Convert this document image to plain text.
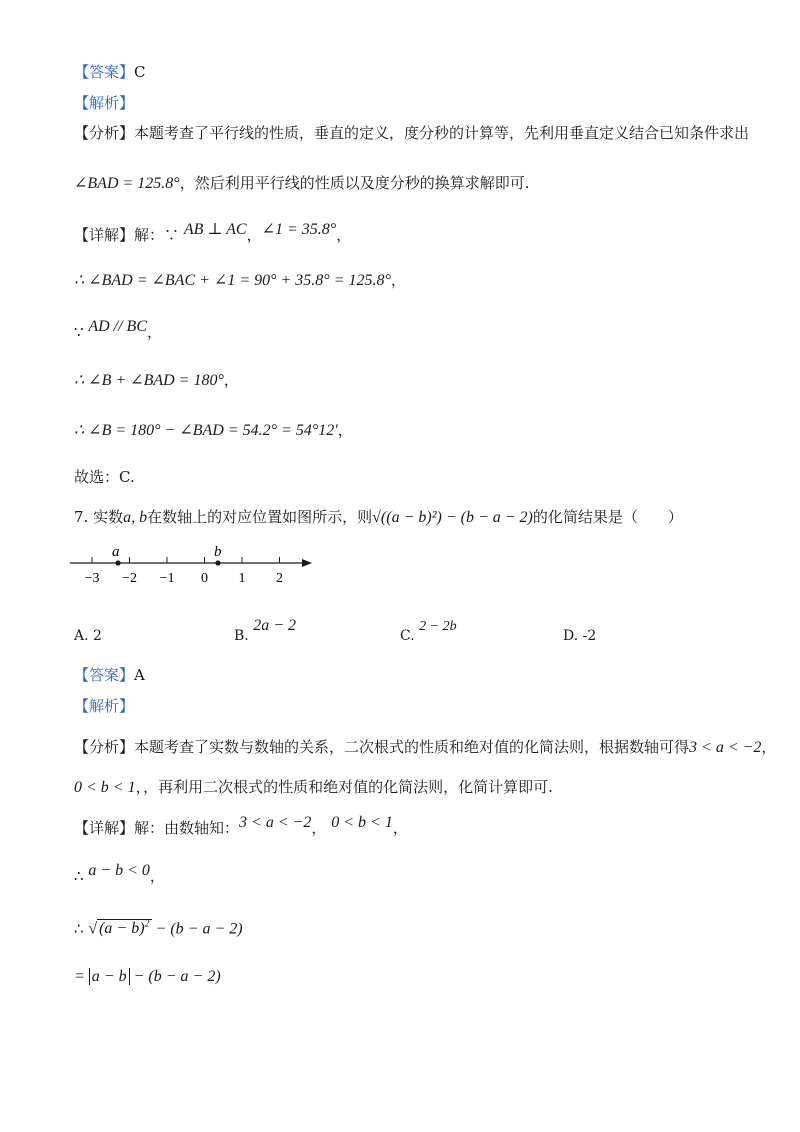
【答案】C
【解析】
【分析】本题考查了平行线的性质，垂直的定义，度分秒的计算等，先利用垂直定义结合已知条件求出
∠BAD = 125.8°，然后利用平行线的性质以及度分秒的换算求解即可.
【详解】解：∵ AB ⊥ AC，∠1 = 35.8°，
∴ ∠BAD = ∠BAC + ∠1 = 90° + 35.8° = 125.8°，
∵ AD // BC，
∴ ∠B + ∠BAD = 180°，
∴ ∠B = 180° − ∠BAD = 54.2° = 54°12′，
故选：C.
7. 实数a, b在数轴上的对应位置如图所示，则√((a − b)²) − (b − a − 2)的化简结果是（　　）
−3 −2 −1 0 1 2
a	b
A. 2	B. 2a − 2
C. 2 − 2b
D. -2
【答案】A
【解析】
【分析】本题考查了实数与数轴的关系，二次根式的性质和绝对值的化简法则，根据数轴可得3 < a < −2，
0 < b < 1，，再利用二次根式的性质和绝对值的化简法则，化简计算即可.
【详解】解：由数轴知：3 < a < −2， 0 < b < 1，
∴ a − b < 0，
∴ √ $(a - b)^2 - (b - a - 2)$
= a − b − (b − a − 2)
